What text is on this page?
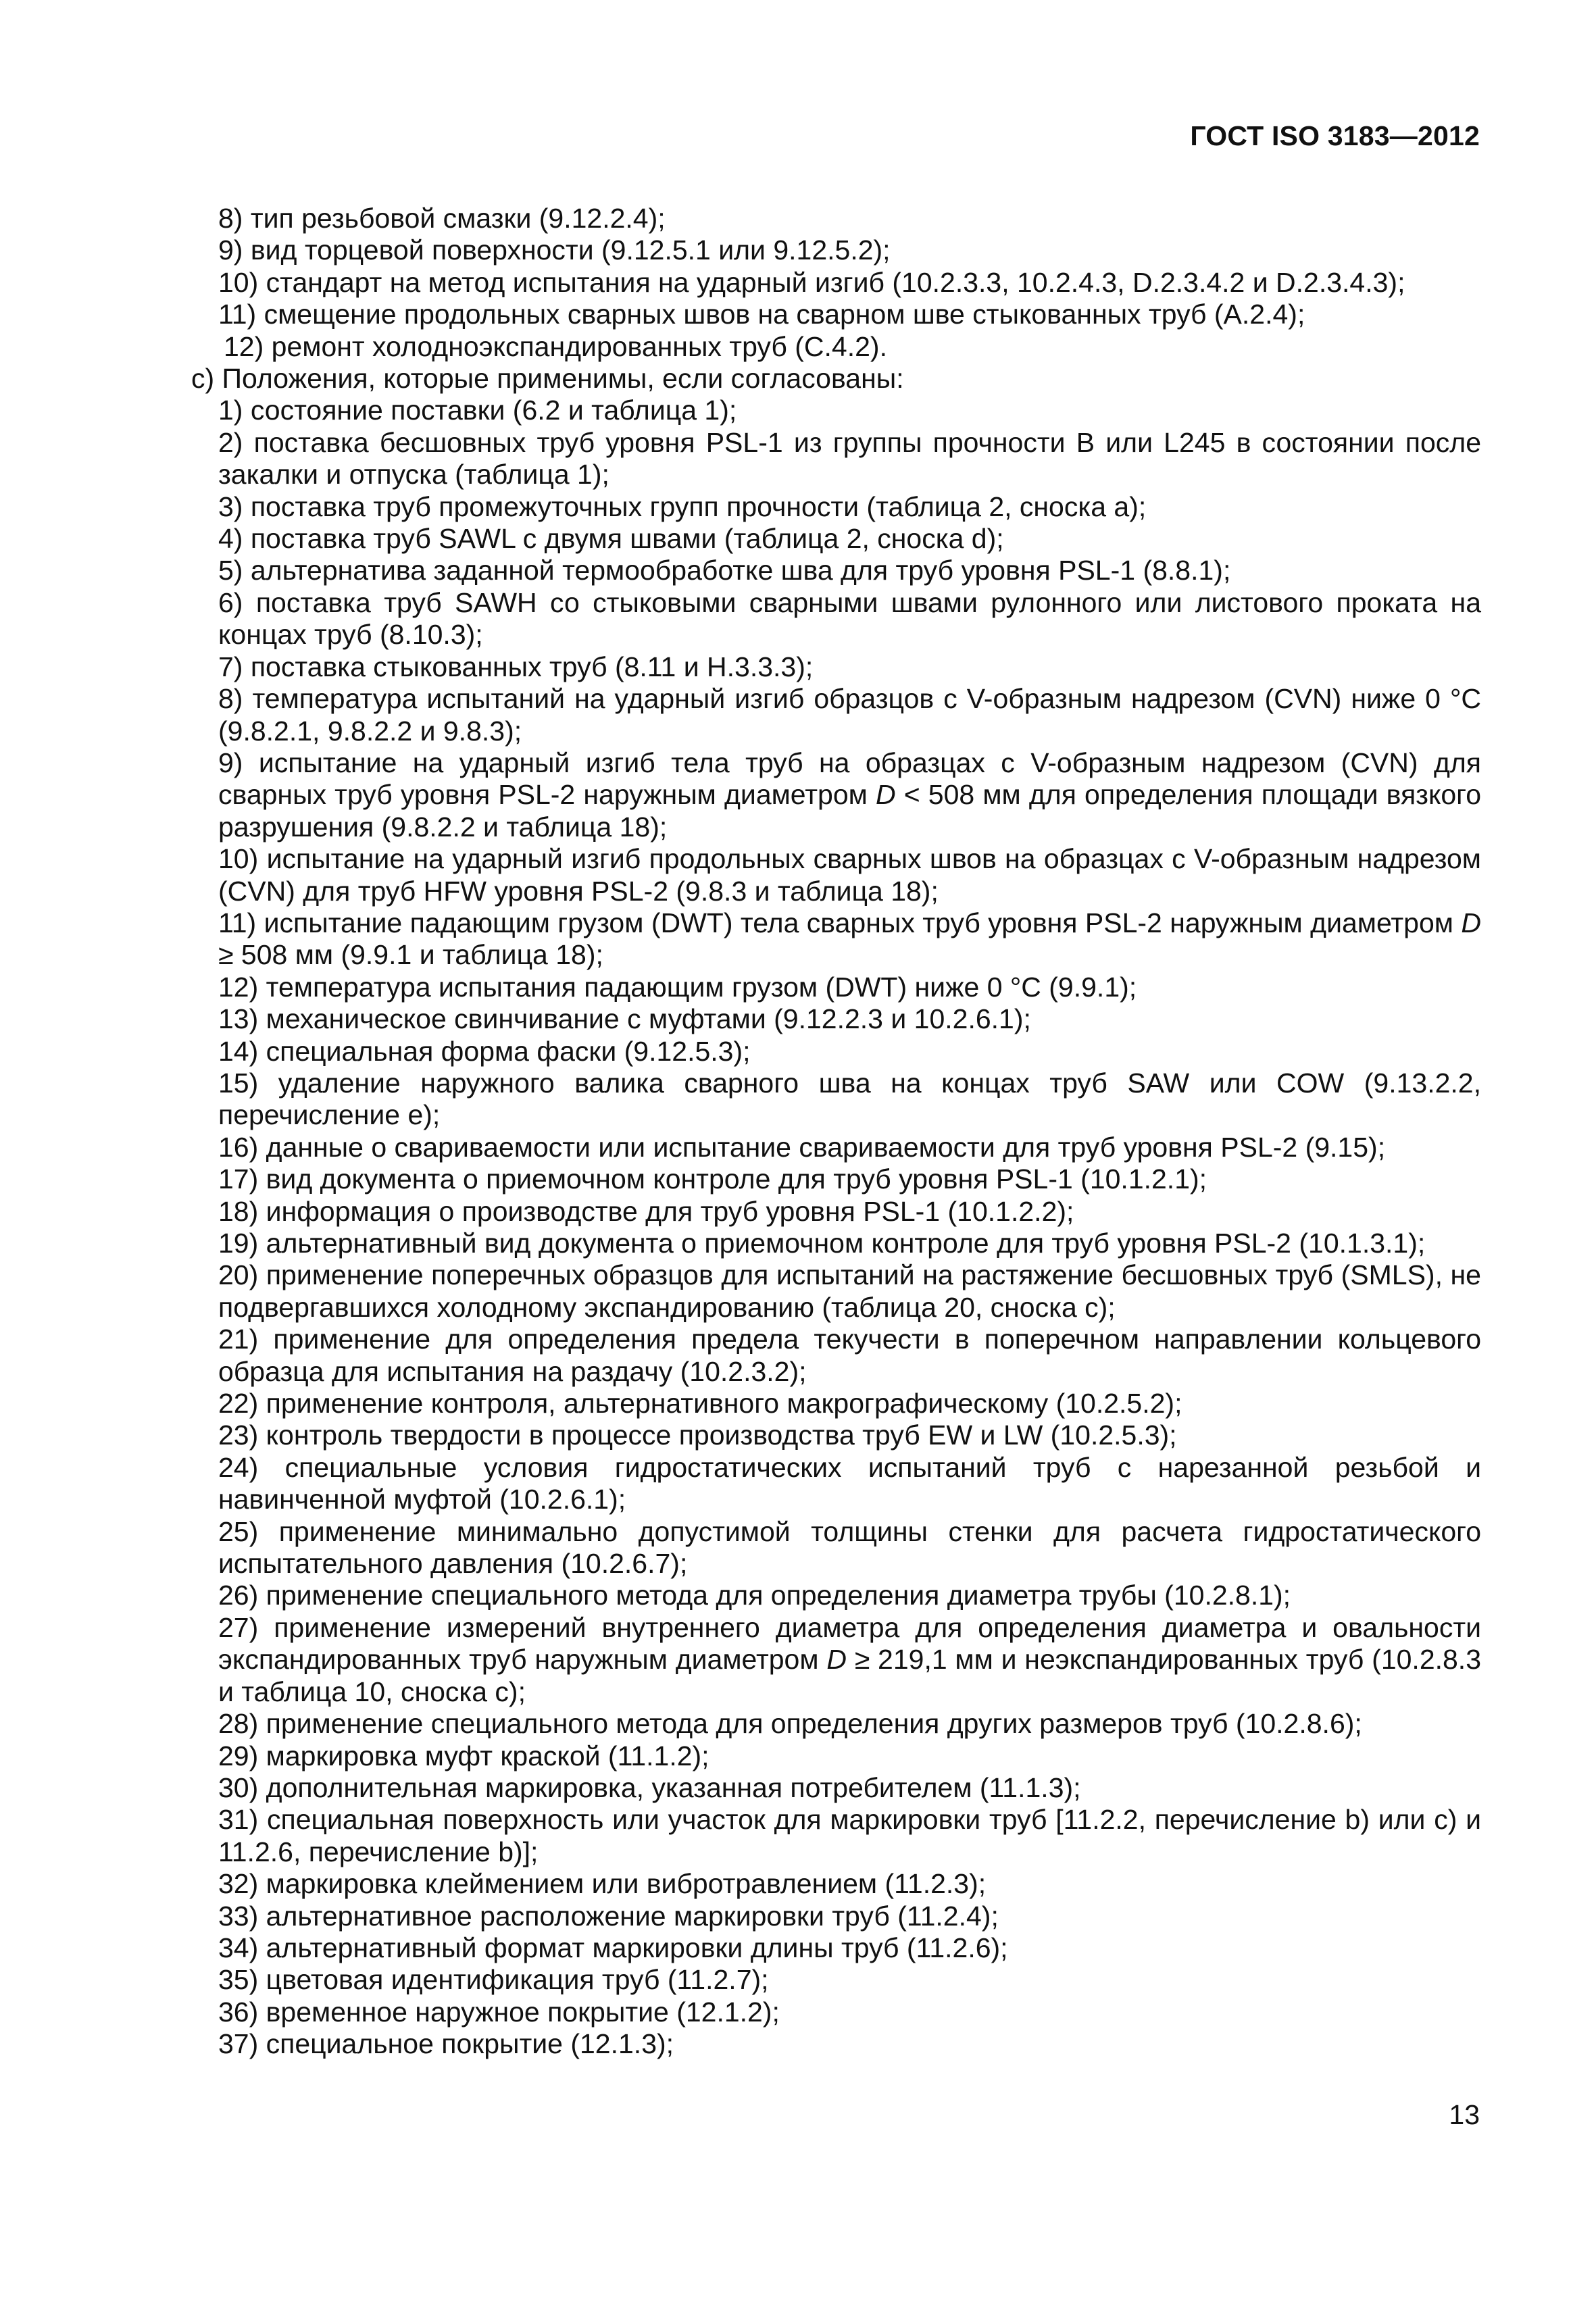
ГОСТ ISO 3183—2012
8) тип резьбовой смазки (9.12.2.4);
9) вид торцевой поверхности (9.12.5.1 или 9.12.5.2);
10) стандарт на метод испытания на ударный изгиб (10.2.3.3, 10.2.4.3, D.2.3.4.2 и D.2.3.4.3);
11) смещение продольных сварных швов на сварном шве стыкованных труб (A.2.4);
12) ремонт холодноэкспандированных труб (C.4.2).
c) Положения, которые применимы, если согласованы:
1) состояние поставки (6.2 и таблица 1);
2) поставка бесшовных труб уровня PSL-1 из группы прочности B или L245 в состоянии после закалки и отпуска (таблица 1);
3) поставка труб промежуточных групп прочности (таблица 2, сноска a);
4) поставка труб SAWL с двумя швами (таблица 2, сноска d);
5) альтернатива заданной термообработке шва для труб уровня PSL-1 (8.8.1);
6) поставка труб SAWH со стыковыми сварными швами рулонного или листового проката на концах труб (8.10.3);
7) поставка стыкованных труб (8.11 и H.3.3.3);
8) температура испытаний на ударный изгиб образцов с V-образным надрезом (CVN) ниже 0 °C (9.8.2.1, 9.8.2.2 и 9.8.3);
9) испытание на ударный изгиб тела труб на образцах с V-образным надрезом (CVN) для сварных труб уровня PSL-2 наружным диаметром D < 508 мм для определения площади вязкого разрушения (9.8.2.2 и таблица 18);
10) испытание на ударный изгиб продольных сварных швов на образцах с V-образным надрезом (CVN) для труб HFW уровня PSL-2 (9.8.3 и таблица 18);
11) испытание падающим грузом (DWT) тела сварных труб уровня PSL-2 наружным диаметром D ≥ 508 мм (9.9.1 и таблица 18);
12) температура испытания падающим грузом (DWT) ниже 0 °C (9.9.1);
13) механическое свинчивание с муфтами (9.12.2.3 и 10.2.6.1);
14) специальная форма фаски (9.12.5.3);
15) удаление наружного валика сварного шва на концах труб SAW или COW (9.13.2.2, перечисление e);
16) данные о свариваемости или испытание свариваемости для труб уровня PSL-2 (9.15);
17) вид документа о приемочном контроле для труб уровня PSL-1 (10.1.2.1);
18) информация о производстве для труб уровня PSL-1 (10.1.2.2);
19) альтернативный вид документа о приемочном контроле для труб уровня PSL-2 (10.1.3.1);
20) применение поперечных образцов для испытаний на растяжение бесшовных труб (SMLS), не подвергавшихся холодному экспандированию (таблица 20, сноска c);
21) применение для определения предела текучести в поперечном направлении кольцевого образца для испытания на раздачу (10.2.3.2);
22) применение контроля, альтернативного макрографическому (10.2.5.2);
23) контроль твердости в процессе производства труб EW и LW (10.2.5.3);
24) специальные условия гидростатических испытаний труб с нарезанной резьбой и навинченной муфтой (10.2.6.1);
25) применение минимально допустимой толщины стенки для расчета гидростатического испытательного давления (10.2.6.7);
26) применение специального метода для определения диаметра трубы (10.2.8.1);
27) применение измерений внутреннего диаметра для определения диаметра и овальности экспандированных труб наружным диаметром D ≥ 219,1 мм и неэкспандированных труб (10.2.8.3 и таблица 10, сноска c);
28) применение специального метода для определения других размеров труб (10.2.8.6);
29) маркировка муфт краской (11.1.2);
30) дополнительная маркировка, указанная потребителем (11.1.3);
31) специальная поверхность или участок для маркировки труб [11.2.2, перечисление b) или c) и 11.2.6, перечисление b)];
32) маркировка клеймением или вибротравлением (11.2.3);
33) альтернативное расположение маркировки труб (11.2.4);
34) альтернативный формат маркировки длины труб (11.2.6);
35) цветовая идентификация труб (11.2.7);
36) временное наружное покрытие (12.1.2);
37) специальное покрытие (12.1.3);
13
